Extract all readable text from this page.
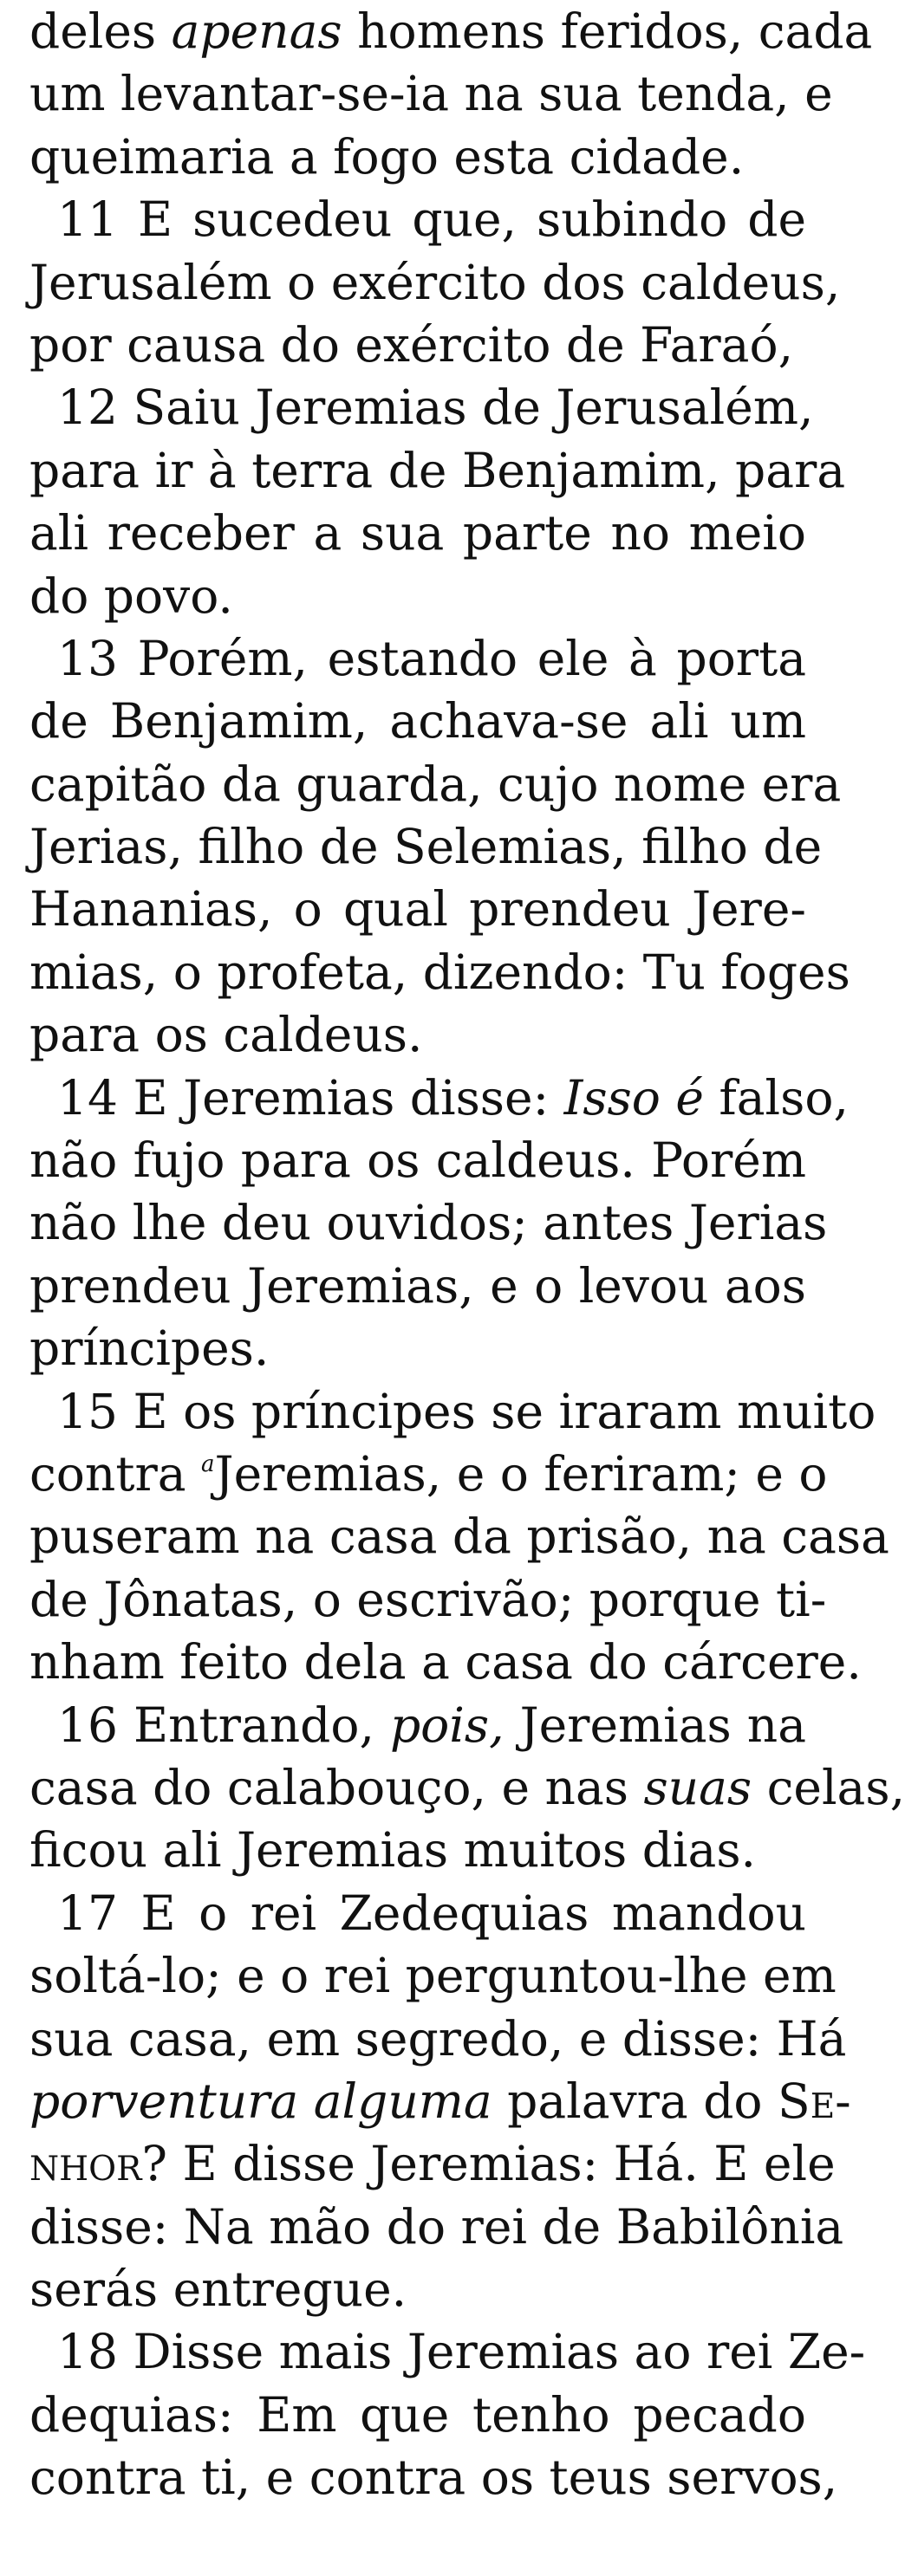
deles apenas homens feridos, cada
um levantar-se-ia na sua tenda, e
queimaria a fogo esta cidade.
11 E sucedeu que, subindo de
Jerusalém o exército dos caldeus,
por causa do exército de Faraó,
12 Saiu Jeremias de Jerusalém,
para ir à terra de Benjamim, para
ali receber a sua parte no meio
do povo.
13 Porém, estando ele à porta
de Benjamim, achava-se ali um
capitão da guarda, cujo nome era
Jerias, filho de Selemias, filho de
Hananias, o qual prendeu Jere-
mias, o profeta, dizendo: Tu foges
para os caldeus.
14 E Jeremias disse: Isso é falso,
não fujo para os caldeus. Porém
não lhe deu ouvidos; antes Jerias
prendeu Jeremias, e o levou aos
príncipes.
15 E os príncipes se iraram muito
contra $^a$Jeremias, e o feriram; e o
puseram na casa da prisão, na casa
de Jônatas, o escrivão; porque ti-
nham feito dela a casa do cárcere.
16 Entrando, pois, Jeremias na
casa do calabouço, e nas suas celas,
ficou ali Jeremias muitos dias.
17 E o rei Zedequias mandou
soltá-lo; e o rei perguntou-lhe em
sua casa, em segredo, e disse: Há
porventura alguma palavra do Se-
nhor? E disse Jeremias: Há. E ele
disse: Na mão do rei de Babilônia
serás entregue.
18 Disse mais Jeremias ao rei Ze-
dequias: Em que tenho pecado
contra ti, e contra os teus servos,
